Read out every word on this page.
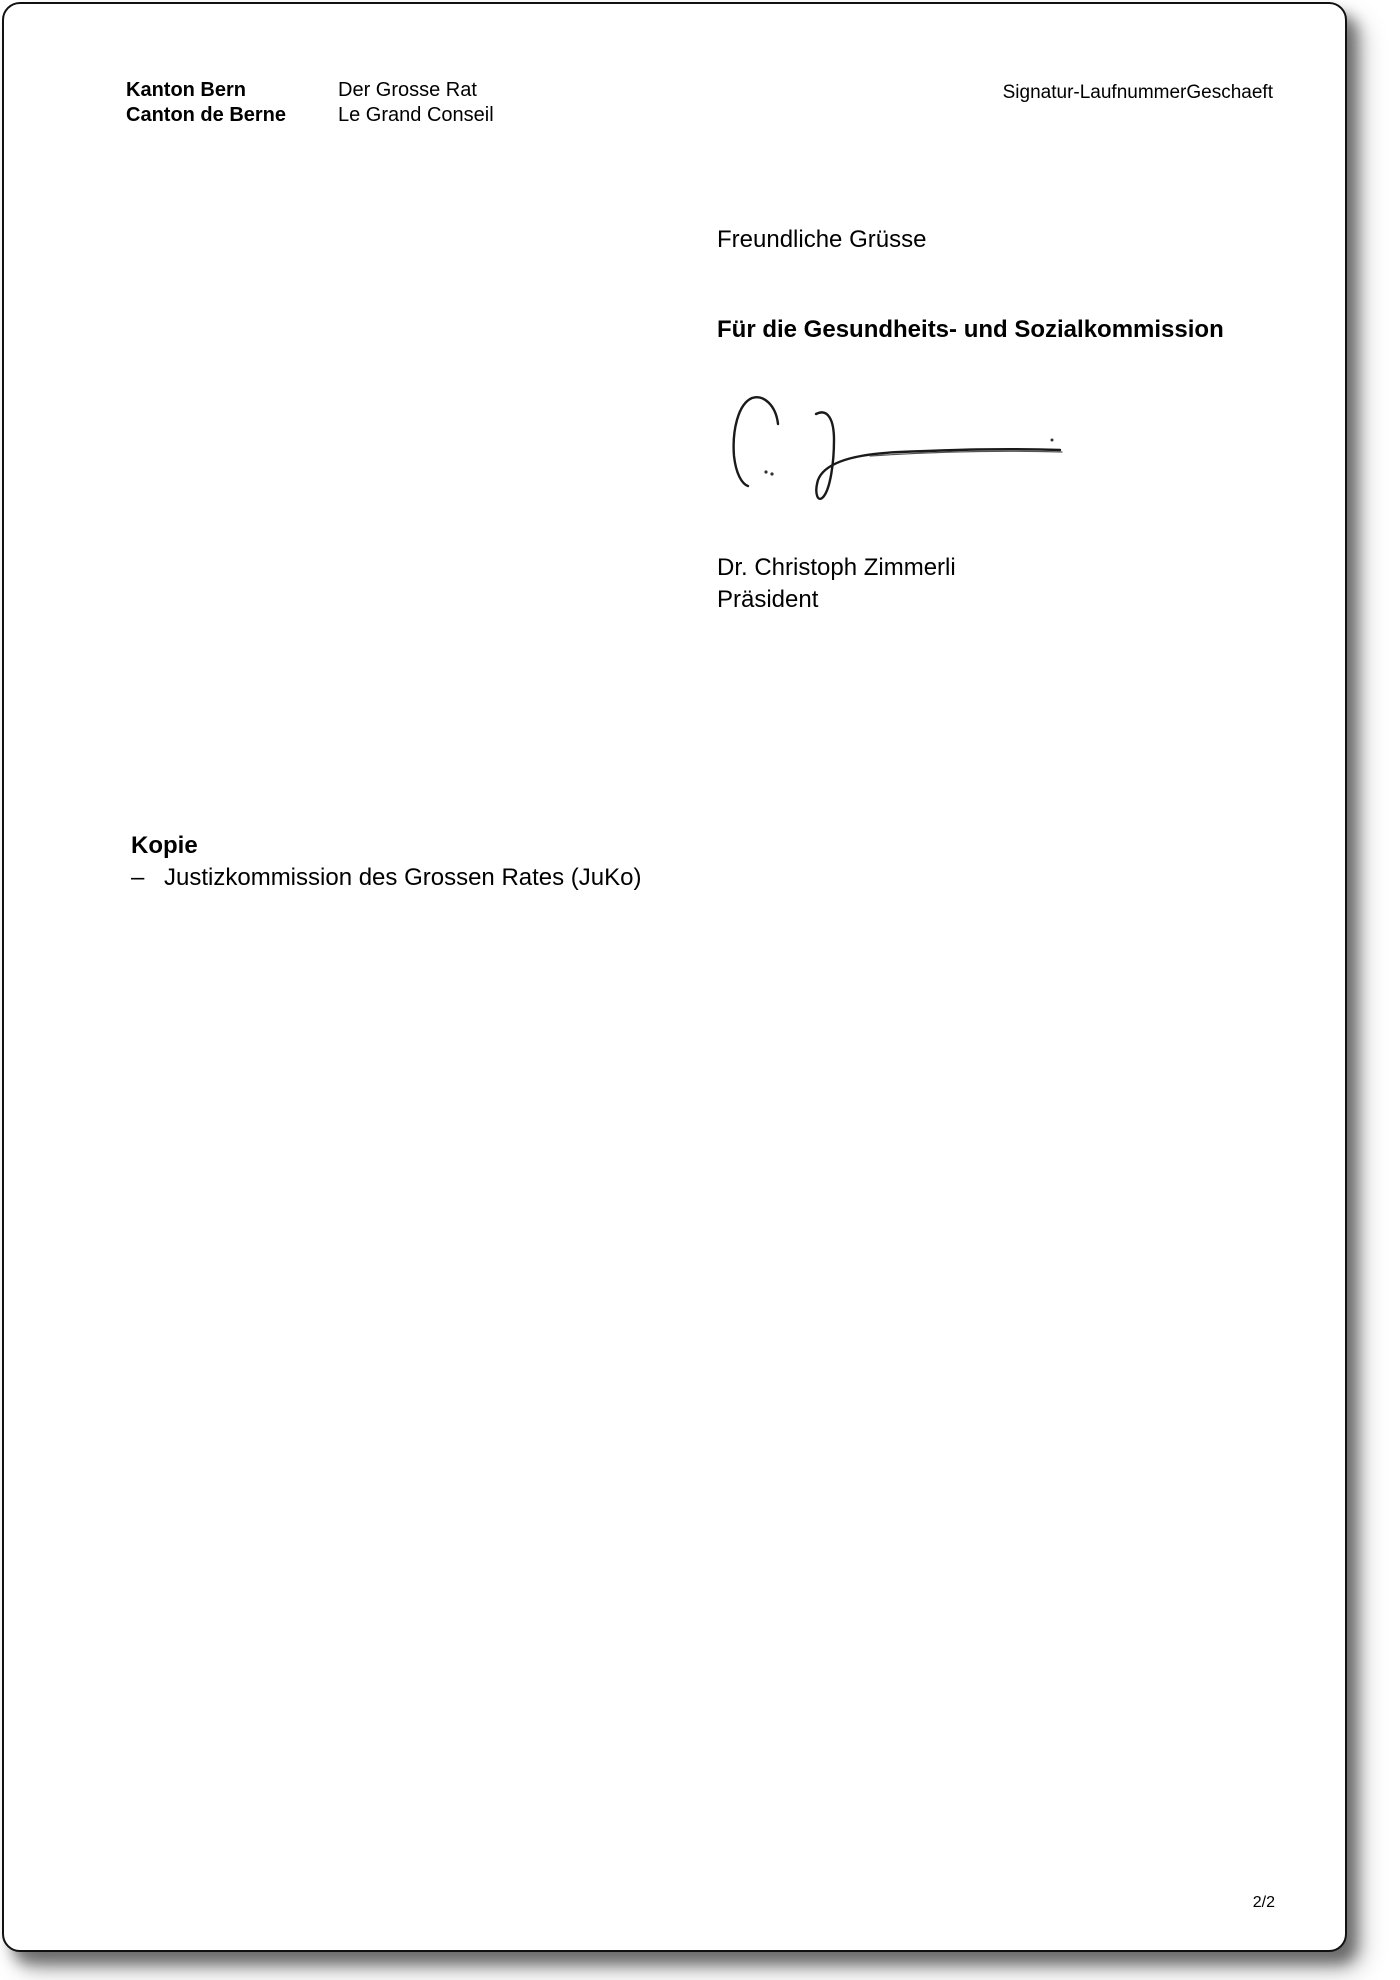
Kanton Bern
Canton de Berne
Der Grosse Rat
Le Grand Conseil
Signatur-LaufnummerGeschaeft
Freundliche Grüsse
Für die Gesundheits- und Sozialkommission
Dr. Christoph Zimmerli
Präsident
Kopie
– Justizkommission des Grossen Rates (JuKo)
2/2
